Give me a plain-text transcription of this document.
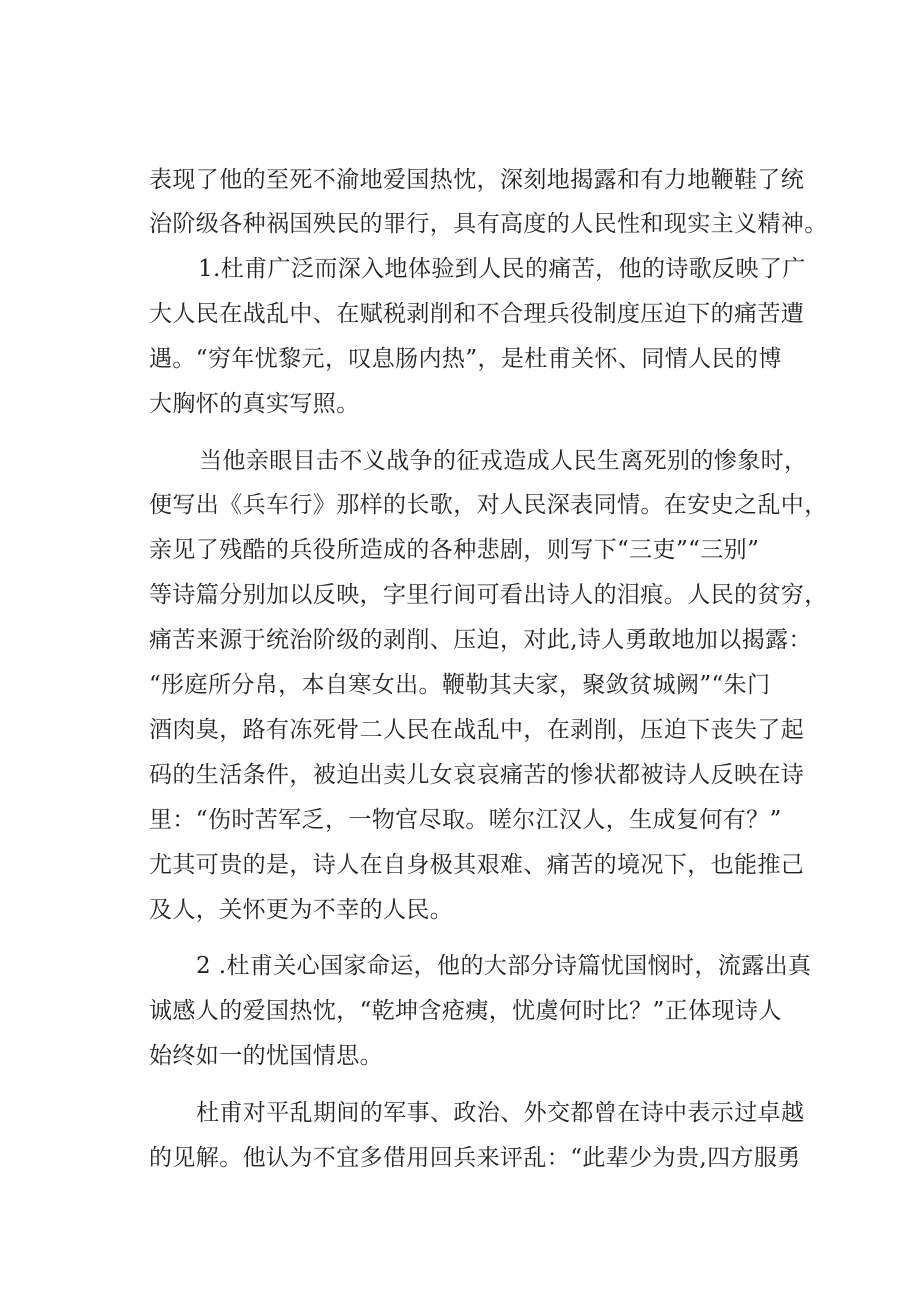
表现了他的至死不渝地爱国热忱，深刻地揭露和有力地鞭鞋了统
治阶级各种祸国殃民的罪行，具有高度的人民性和现实主义精神。
1.杜甫广泛而深入地体验到人民的痛苦，他的诗歌反映了广
大人民在战乱中、在赋税剥削和不合理兵役制度压迫下的痛苦遭
遇。“穷年忧黎元，叹息肠内热”，是杜甫关怀、同情人民的博
大胸怀的真实写照。
当他亲眼目击不义战争的征戎造成人民生离死别的惨象时，
便写出《兵车行》那样的长歌，对人民深表同情。在安史之乱中，
亲见了残酷的兵役所造成的各种悲剧，则写下“三吏”“三别”
等诗篇分别加以反映，字里行间可看出诗人的泪痕。人民的贫穷，
痛苦来源于统治阶级的剥削、压迫，对此,诗人勇敢地加以揭露：
“彤庭所分帛，本自寒女出。鞭勒其夫家，聚敛贫城阙”“朱门
酒肉臭，路有冻死骨二人民在战乱中，在剥削，压迫下丧失了起
码的生活条件，被迫出卖儿女哀哀痛苦的惨状都被诗人反映在诗
里：“伤时苦军乏，一物官尽取。嗟尔江汉人，生成复何有？”
尤其可贵的是，诗人在自身极其艰难、痛苦的境况下，也能推己
及人，关怀更为不幸的人民。
2 .杜甫关心国家命运，他的大部分诗篇忧国悯时，流露出真
诚感人的爱国热忱，“乾坤含疮痍，忧虞何时比？”正体现诗人
始终如一的忧国情思。
杜甫对平乱期间的军事、政治、外交都曾在诗中表示过卓越
的见解。他认为不宜多借用回兵来评乱：“此辈少为贵,四方服勇
